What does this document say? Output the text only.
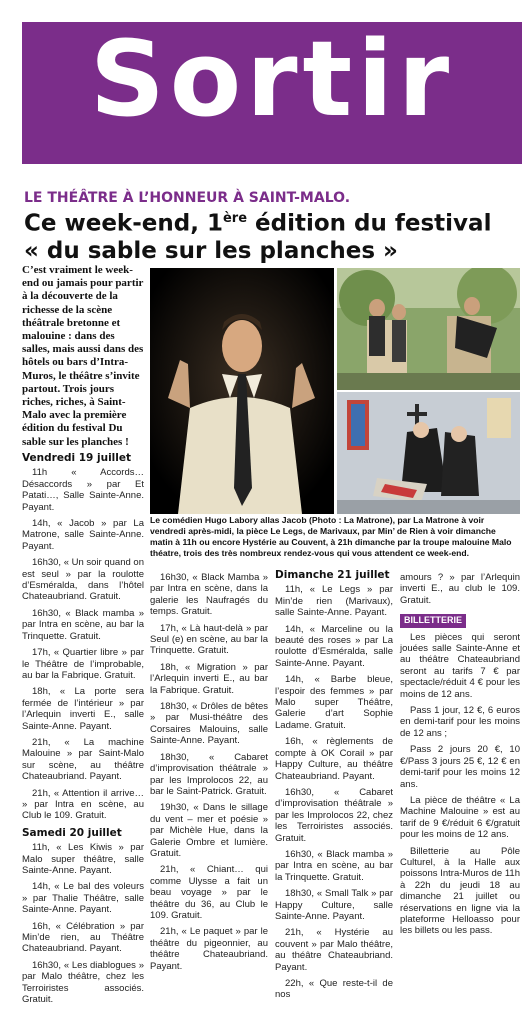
Sortir
LE THÉÂTRE À L’HONNEUR À SAINT-MALO.
Ce week-end, 1ère édition du festival
« du sable sur les planches »

C’est vraiment le week-end ou jamais pour partir à la découverte de la richesse de la scène théâtrale bretonne et malouine : dans des salles, mais aussi dans des hôtels ou bars d’Intra-Muros, le théâtre s’invite partout. Trois jours riches, riches, à Saint-Malo avec la première édition du festival Du sable sur les planches !

Le comédien Hugo Labory allas Jacob (Photo : La Matrone), par La Matrone à voir vendredi après-midi, la pièce Le Legs, de Marivaux, par Min’ de Rien à voir dimanche matin à 11h ou encore Hystérie au Couvent, à 21h dimanche par la troupe malouine Malo théatre, trois des très nombreux rendez-vous qui vous attendent ce week-end.
Vendredi 19 juillet
11h « Accords… Désaccords » par Et Patati…, Salle Sainte-Anne. Payant.
14h, « Jacob » par La Matrone, salle Sainte-Anne. Payant.
16h30, « Un soir quand on est seul » par la roulotte d’Esméralda, dans l’hôtel Chateaubriand. Gratuit.
16h30, « Black mamba » par Intra en scène, au bar la Trinquette. Gratuit.
17h, « Quartier libre » par le Théâtre de l’improbable, au bar la Fabrique. Gratuit.
18h, « La porte sera fermée de l’intérieur » par l’Arlequin inverti E., salle Sainte-Anne. Payant.
21h, « La machine Malouine » par Saint-Malo sur scène, au théâtre Chateaubriand. Payant.
21h, « Attention il arrive… » par Intra en scène, au Club le 109. Gratuit.
Samedi 20 juillet
11h, « Les Kiwis » par Malo super théâtre, salle Sainte-Anne. Payant.
14h, « Le bal des voleurs » par Thalie Théâtre, salle Sainte-Anne. Payant.
16h, « Célébration » par Min’de rien, au Théâtre Chateaubriand. Payant.
16h30, « Les diablogues » par Malo théâtre, chez les Terroiristes associés. Gratuit.
16h30, « Black Mamba » par Intra en scène, dans la galerie les Naufragés du temps. Gratuit.
17h, « Là haut-delà » par Seul (e) en scène, au bar la Trinquette. Gratuit.
18h, « Migration » par l’Arlequin inverti E., au bar la Fabrique. Gratuit.
18h30, « Drôles de bêtes » par Musi-théâtre des Corsaires Malouins, salle Sainte-Anne. Payant.
18h30, « Cabaret d’improvisation théâtrale » par les Improlocos 22, au bar le Saint-Patrick. Gratuit.
19h30, « Dans le sillage du vent – mer et poésie » par Michèle Hue, dans la Galerie Ombre et lumière. Gratuit.
21h, « Chiant… qui comme Ulysse a fait un beau voyage » par le théâtre du 36, au Club le 109. Gratuit.
21h, « Le paquet » par le théâtre du pigeonnier, au théâtre Chateaubriand. Payant.
Dimanche 21 juillet
11h, « Le Legs » par Min’de rien (Marivaux), salle Sainte-Anne. Payant.
14h, « Marceline ou la beauté des roses » par La roulotte d’Esméralda, salle Sainte-Anne. Payant.
14h, « Barbe bleue, l’espoir des femmes » par Malo super Théâtre, Galerie d’art Sophie Ladame. Gratuit.
16h, « règlements de compte à OK Corail » par Happy Culture, au théâtre Chateaubriand. Payant.
16h30, « Cabaret d’improvisation théâtrale » par les Improlocos 22, chez les Terroiristes associés. Gratuit.
16h30, « Black mamba » par Intra en scène, au bar la Trinquette. Gratuit.
18h30, « Small Talk » par Happy Culture, salle Sainte-Anne. Payant.
21h, « Hystérie au couvent » par Malo théâtre, au théâtre Chateaubriand. Payant.
22h, « Que reste-t-il de nos
amours ? » par l’Arlequin inverti E., au club le 109. Gratuit.
BILLETTERIE
Les pièces qui seront jouées salle Sainte-Anne et au théâtre Chateaubriand seront au tarifs 7 € par spectacle/réduit 4 € pour les moins de 12 ans.
Pass 1 jour, 12 €, 6 euros en demi-tarif pour les moins de 12 ans ;
Pass 2 jours 20 €, 10 €/Pass 3 jours 25 €, 12 € en demi-tarif pour les moins 12 ans.
La pièce de théâtre « La Machine Malouine » est au tarif de 9 €/réduit 6 €/gratuit pour les moins de 12 ans.
Billetterie au Pôle Culturel, à la Halle aux poissons Intra-Muros de 11h à 22h du jeudi 18 au dimanche 21 juillet ou réservations en ligne via la plateforme Helloasso pour les billets ou les pass.
